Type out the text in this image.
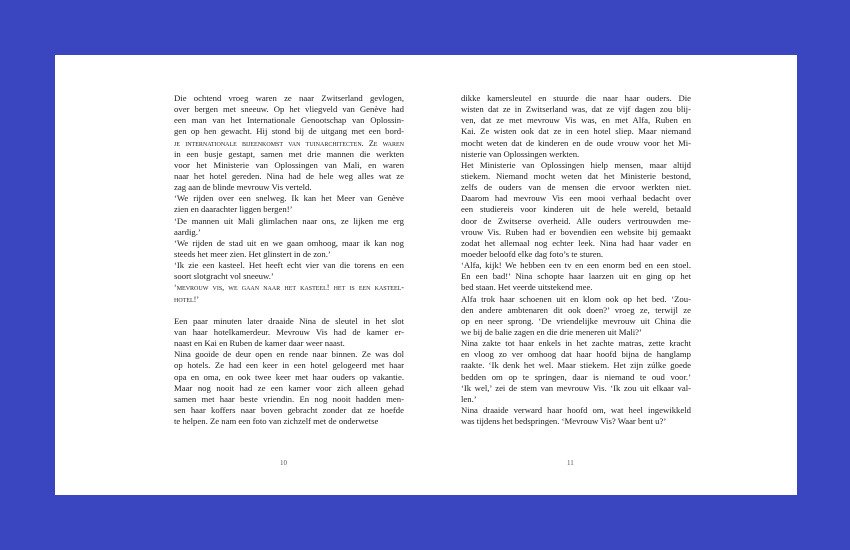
Die ochtend vroeg waren ze naar Zwitserland gevlogen,
over bergen met sneeuw. Op het vliegveld van Genève had
een man van het Internationale Genootschap van Oplossin-
gen op hen gewacht. Hij stond bij de uitgang met een bord-
je internationale bijeenkomst van tuinarchitecten. Ze waren
in een busje gestapt, samen met drie mannen die werkten
voor het Ministerie van Oplossingen van Mali, en waren
naar het hotel gereden. Nina had de hele weg alles wat ze
zag aan de blinde mevrouw Vis verteld.
‘We rijden over een snelweg. Ik kan het Meer van Genève
zien en daarachter liggen bergen!’
‘De mannen uit Mali glimlachen naar ons, ze lijken me erg
aardig.’
‘We rijden de stad uit en we gaan omhoog, maar ik kan nog
steeds het meer zien. Het glinstert in de zon.’
‘Ik zie een kasteel. Het heeft echt vier van die torens en een
soort slotgracht vol sneeuw.’
‘mevrouw vis, we gaan naar het kasteel! het is een kasteel-
hotel!’
Een paar minuten later draaide Nina de sleutel in het slot
van haar hotelkamerdeur. Mevrouw Vis had de kamer er-
naast en Kai en Ruben de kamer daar weer naast.
Nina gooide de deur open en rende naar binnen. Ze was dol
op hotels. Ze had een keer in een hotel gelogeerd met haar
opa en oma, en ook twee keer met haar ouders op vakantie.
Maar nog nooit had ze een kamer voor zich alleen gehad
samen met haar beste vriendin. En nog nooit hadden men-
sen haar koffers naar boven gebracht zonder dat ze hoefde
te helpen. Ze nam een foto van zichzelf met de onderwetse
10
dikke kamersleutel en stuurde die naar haar ouders. Die
wisten dat ze in Zwitserland was, dat ze vijf dagen zou blij-
ven, dat ze met mevrouw Vis was, en met Alfa, Ruben en
Kai. Ze wisten ook dat ze in een hotel sliep. Maar niemand
mocht weten dat de kinderen en de oude vrouw voor het Mi-
nisterie van Oplossingen werkten.
Het Ministerie van Oplossingen hielp mensen, maar altijd
stiekem. Niemand mocht weten dat het Ministerie bestond,
zelfs de ouders van de mensen die ervoor werkten niet.
Daarom had mevrouw Vis een mooi verhaal bedacht over
een studiereis voor kinderen uit de hele wereld, betaald
door de Zwitserse overheid. Alle ouders vertrouwden me-
vrouw Vis. Ruben had er bovendien een website bij gemaakt
zodat het allemaal nog echter leek. Nina had haar vader en
moeder beloofd elke dag foto’s te sturen.
‘Alfa, kijk! We hebben een tv en een enorm bed en een stoel.
En een bad!’ Nina schopte haar laarzen uit en ging op het
bed staan. Het veerde uitstekend mee.
Alfa trok haar schoenen uit en klom ook op het bed. ‘Zou-
den andere ambtenaren dit ook doen?’ vroeg ze, terwijl ze
op en neer sprong. ‘De vriendelijke mevrouw uit China die
we bij de balie zagen en die drie meneren uit Mali?’
Nina zakte tot haar enkels in het zachte matras, zette kracht
en vloog zo ver omhoog dat haar hoofd bijna de hanglamp
raakte. ‘Ik denk het wel. Maar stiekem. Het zijn zúlke goede
bedden om op te springen, daar is niemand te oud voor.’
‘Ik wel,’ zei de stem van mevrouw Vis. ‘Ik zou uit elkaar val-
len.’
Nina draaide verward haar hoofd om, wat heel ingewikkeld
was tijdens het bedspringen. ‘Mevrouw Vis? Waar bent u?’
11
